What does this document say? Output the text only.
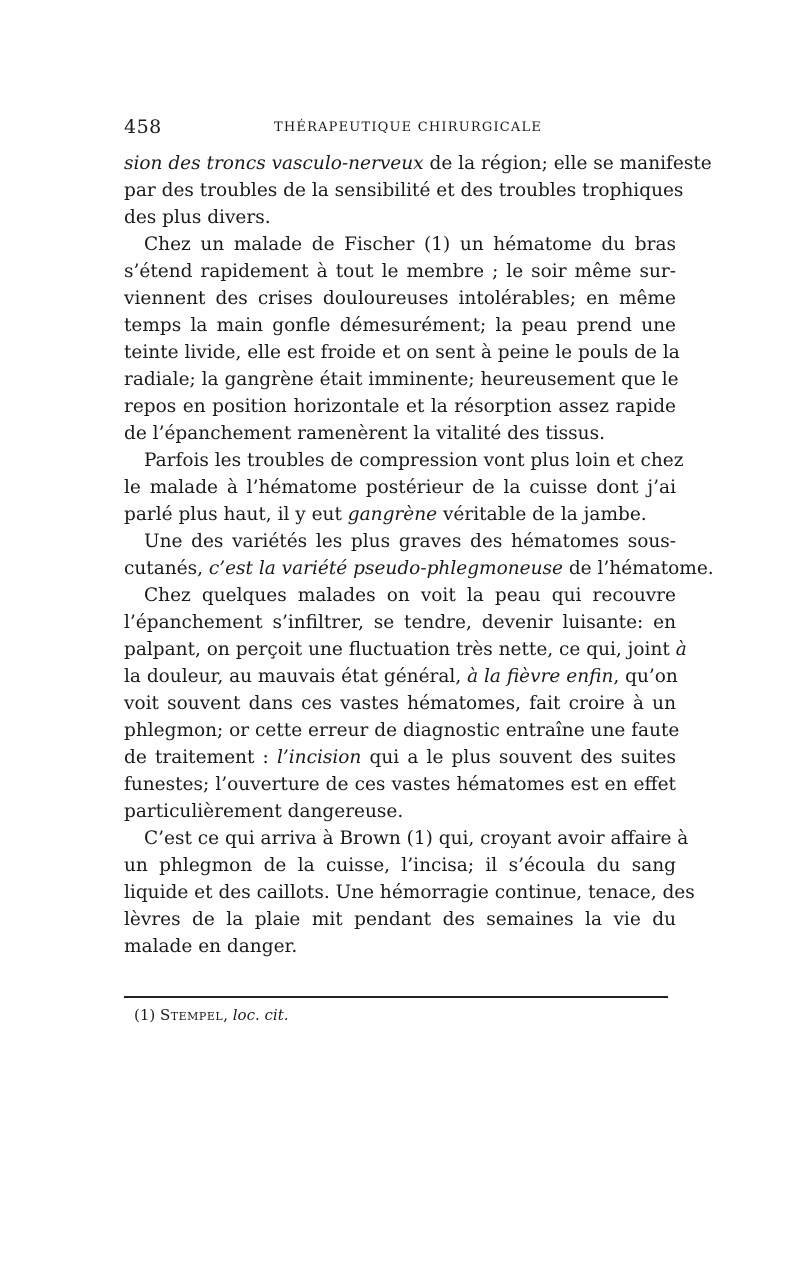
458	THÉRAPEUTIQUE CHIRURGICALE
sion des troncs vasculo-nerveux de la région; elle se manifeste
par des troubles de la sensibilité et des troubles trophiques
des plus divers.
Chez un malade de Fischer (1) un hématome du bras
s’étend rapidement à tout le membre ; le soir même sur-
viennent des crises douloureuses intolérables; en même
temps la main gonfle démesurément; la peau prend une
teinte livide, elle est froide et on sent à peine le pouls de la
radiale; la gangrène était imminente; heureusement que le
repos en position horizontale et la résorption assez rapide
de l’épanchement ramenèrent la vitalité des tissus.
Parfois les troubles de compression vont plus loin et chez
le malade à l’hématome postérieur de la cuisse dont j’ai
parlé plus haut, il y eut gangrène véritable de la jambe.
Une des variétés les plus graves des hématomes sous-
cutanés, c’est la variété pseudo-phlegmoneuse de l’hématome.
Chez quelques malades on voit la peau qui recouvre
l’épanchement s’infiltrer, se tendre, devenir luisante: en
palpant, on perçoit une fluctuation très nette, ce qui, joint à
la douleur, au mauvais état général, à la fièvre enfin, qu’on
voit souvent dans ces vastes hématomes, fait croire à un
phlegmon; or cette erreur de diagnostic entraîne une faute
de traitement : l’incision qui a le plus souvent des suites
funestes; l’ouverture de ces vastes hématomes est en effet
particulièrement dangereuse.
C’est ce qui arriva à Brown (1) qui, croyant avoir affaire à
un phlegmon de la cuisse, l’incisa; il s’écoula du sang
liquide et des caillots. Une hémorragie continue, tenace, des
lèvres de la plaie mit pendant des semaines la vie du
malade en danger.
(1) Stempel, loc. cit.
